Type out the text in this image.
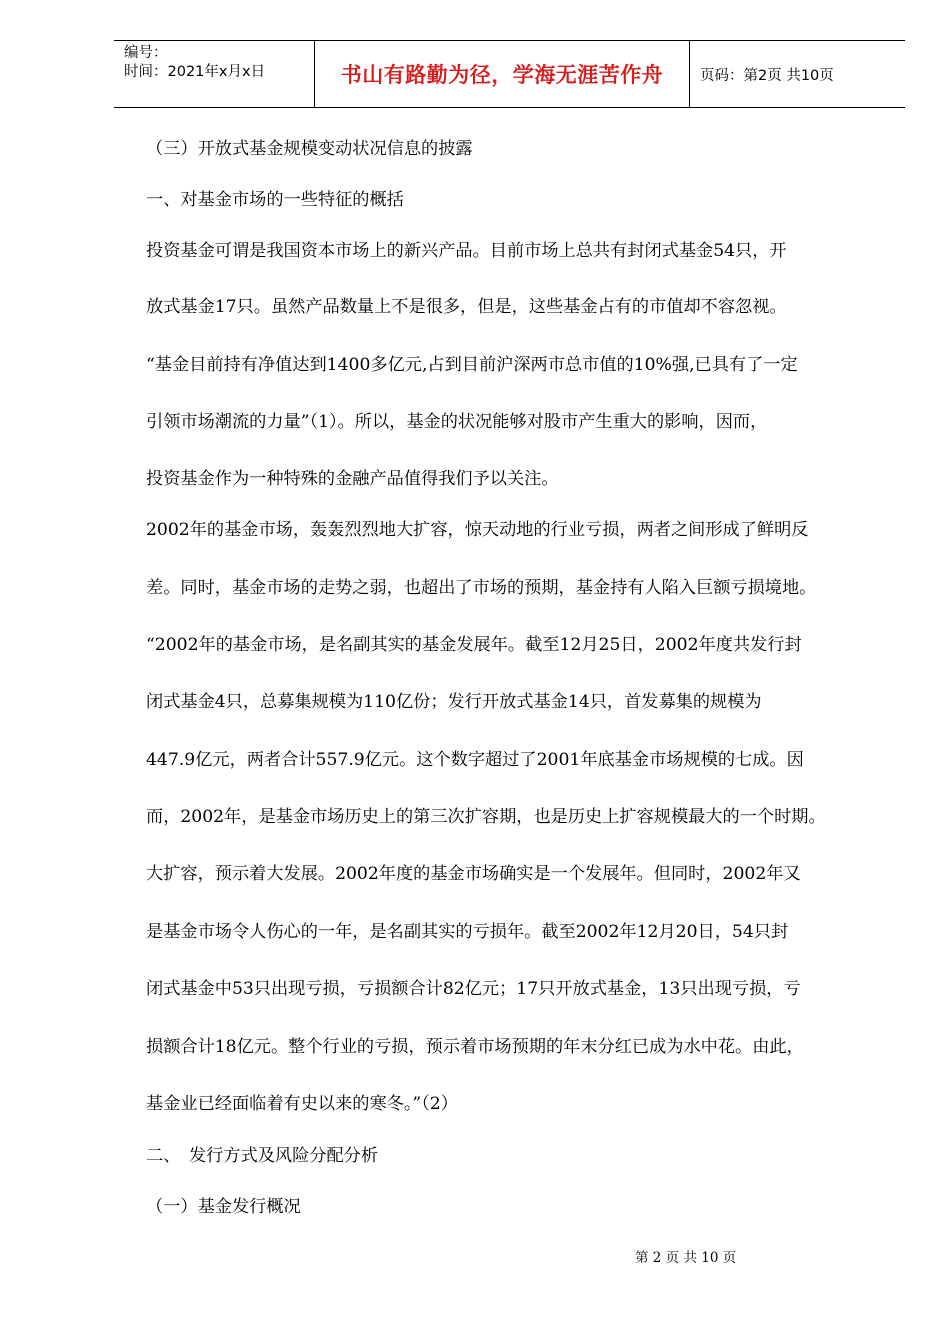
编号：
时间：2021年x月x日	书山有路勤为径，学海无涯苦作舟	页码：第2页 共10页
（三）开放式基金规模变动状况信息的披露
一、对基金市场的一些特征的概括
投资基金可谓是我国资本市场上的新兴产品。目前市场上总共有封闭式基金54只，开
放式基金17只。虽然产品数量上不是很多，但是，这些基金占有的市值却不容忽视。
“基金目前持有净值达到1400多亿元,占到目前沪深两市总市值的10%强,已具有了一定
引领市场潮流的力量”（1）。所以，基金的状况能够对股市产生重大的影响，因而，
投资基金作为一种特殊的金融产品值得我们予以关注。
2002年的基金市场，轰轰烈烈地大扩容，惊天动地的行业亏损，两者之间形成了鲜明反
差。同时，基金市场的走势之弱，也超出了市场的预期，基金持有人陷入巨额亏损境地。
“2002年的基金市场，是名副其实的基金发展年。截至12月25日，2002年度共发行封
闭式基金4只，总募集规模为110亿份；发行开放式基金14只，首发募集的规模为
447.9亿元，两者合计557.9亿元。这个数字超过了2001年底基金市场规模的七成。因
而，2002年，是基金市场历史上的第三次扩容期，也是历史上扩容规模最大的一个时期。
大扩容，预示着大发展。2002年度的基金市场确实是一个发展年。但同时，2002年又
是基金市场令人伤心的一年，是名副其实的亏损年。截至2002年12月20日，54只封
闭式基金中53只出现亏损，亏损额合计82亿元；17只开放式基金，13只出现亏损，亏
损额合计18亿元。整个行业的亏损，预示着市场预期的年末分红已成为水中花。由此，
基金业已经面临着有史以来的寒冬。”（2）
二、　发行方式及风险分配分析
（一）基金发行概况
第 2 页 共 10 页
